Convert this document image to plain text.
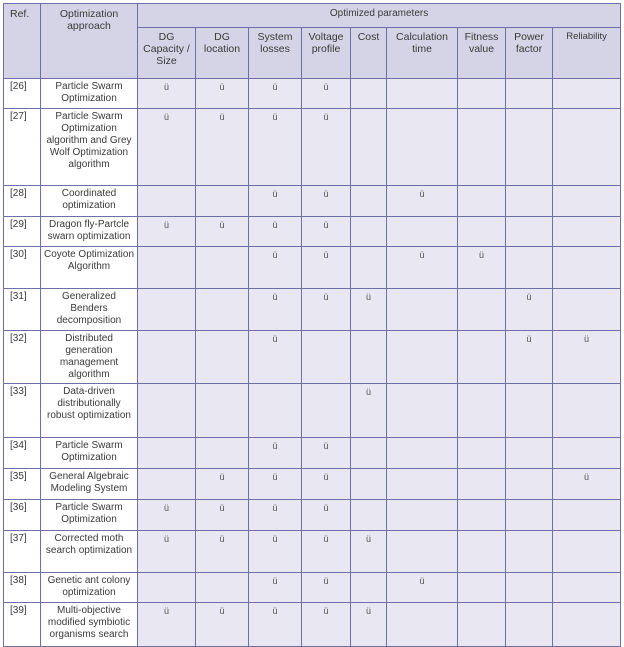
Ref.	Optimization approach	Optimized parameters								
		DG Capacity / Size	DG location	System losses	Voltage profile	Cost	Calculation time	Fitness value	Power factor	Reliability
[26]	Particle Swarm Optimization	ü	ü	ü	ü					
[27]	Particle Swarm Optimization algorithm and Grey Wolf Optimization algorithm	ü	ü	ü	ü					
[28]	Coordinated optimization			ü	ü		ü			
[29]	Dragon fly-Partcle swarn optimization	ü	ü	ü	ü					
[30]	Coyote Optimization Algorithm			ü	ü		ü	ü		
[31]	Generalized Benders decomposition			ü	ü	ü			ü	
[32]	Distributed generation management algorithm			ü					ü	ü
[33]	Data-driven distributionally robust optimization					ü				
[34]	Particle Swarm Optimization			ü	ü					
[35]	General Algebraic Modeling System		ü	ü	ü					ü
[36]	Particle Swarm Optimization	ü	ü	ü	ü					
[37]	Corrected moth search optimization	ü	ü	ü	ü	ü				
[38]	Genetic ant colony optimization			ü	ü		ü			
[39]	Multi-objective modified symbiotic organisms search	ü	ü	ü	ü	ü				
